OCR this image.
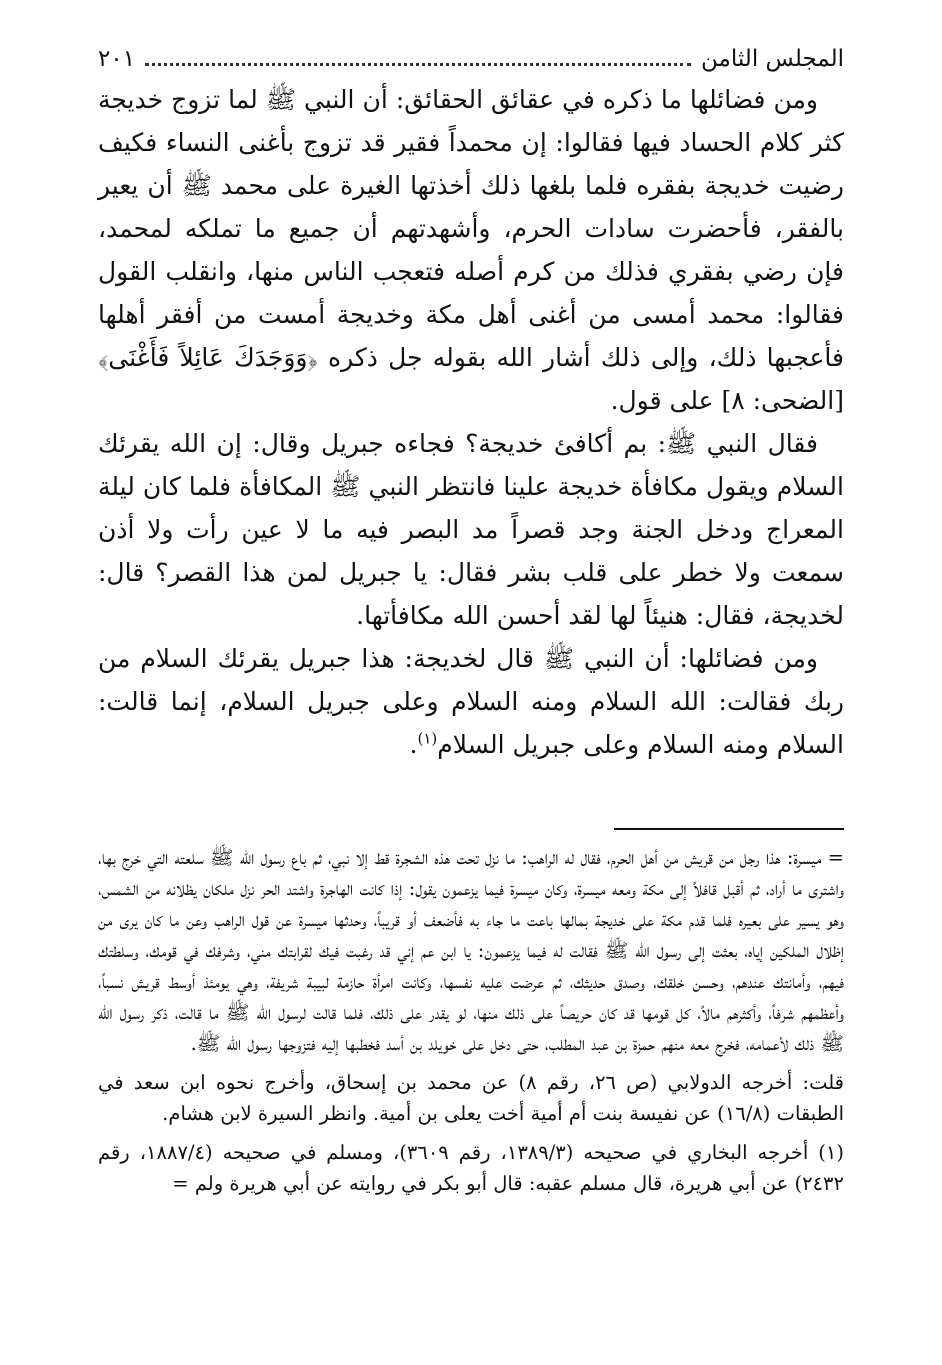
المجلس الثامن
٢٠١

ومن فضائلها ما ذكره في عقائق الحقائق: أن النبي ﷺ لما تزوج خديجة كثر كلام الحساد فيها فقالوا: إن محمداً فقير قد تزوج بأغنى النساء فكيف رضيت خديجة بفقره فلما بلغها ذلك أخذتها الغيرة على محمد ﷺ أن يعير بالفقر، فأحضرت سادات الحرم، وأشهدتهم أن جميع ما تملكه لمحمد، فإن رضي بفقري فذلك من كرم أصله فتعجب الناس منها، وانقلب القول فقالوا: محمد أمسى من أغنى أهل مكة وخديجة أمست من أفقر أهلها فأعجبها ذلك، وإلى ذلك أشار الله بقوله جل ذكره ﴿وَوَجَدَكَ عَائِلاً فَأَغْنَى﴾ [الضحى: ٨] على قول.

فقال النبي ﷺ: بم أكافئ خديجة؟ فجاءه جبريل وقال: إن الله يقرئك السلام ويقول مكافأة خديجة علينا فانتظر النبي ﷺ المكافأة فلما كان ليلة المعراج ودخل الجنة وجد قصراً مد البصر فيه ما لا عين رأت ولا أذن سمعت ولا خطر على قلب بشر فقال: يا جبريل لمن هذا القصر؟ قال: لخديجة، فقال: هنيئاً لها لقد أحسن الله مكافأتها.

ومن فضائلها: أن النبي ﷺ قال لخديجة: هذا جبريل يقرئك السلام من ربك فقالت: الله السلام ومنه السلام وعلى جبريل السلام، إنما قالت: السلام ومنه السلام وعلى جبريل السلام$^{(١)}$.

= ميسرة: هذا رجل من قريش من أهل الحرم، فقال له الراهب: ما نزل تحت هذه الشجرة قط إلا نبي، ثم باع رسول الله ﷺ سلعته التي خرج بها، واشترى ما أراد، ثم أقبل قافلاً إلى مكة ومعه ميسرة، وكان ميسرة فيما يزعمون يقول: إذا كانت الهاجرة واشتد الحر نزل ملكان يظلانه من الشمس، وهو يسير على بعيره فلما قدم مكة على خديجة بمالها باعت ما جاء به فأضعف أو قريباً، وحدثها ميسرة عن قول الراهب وعن ما كان يرى من إظلال الملكين إياه، بعثت إلى رسول الله ﷺ فقالت له فيما يزعمون: يا ابن عم إني قد رغبت فيك لقرابتك مني، وشرفك في قومك، وسلطتك فيهم، وأمانتك عندهم، وحسن خلقك، وصدق حديثك، ثم عرضت عليه نفسها، وكانت امرأة حازمة لبيبة شريفة، وهي يومئذ أوسط قريش نسباً، وأعظمهم شرفاً، وأكثرهم مالاً، كل قومها قد كان حريصاً على ذلك منها، لو يقدر على ذلك، فلما قالت لرسول الله ﷺ ما قالت، ذكر رسول الله ﷺ ذلك لأعمامه، فخرج معه منهم حمزة بن عبد المطلب، حتى دخل على خويلد بن أسد فخطبها إليه فتزوجها رسول الله ﷺ.

قلت: أخرجه الدولابي (ص ٢٦، رقم ٨) عن محمد بن إسحاق، وأخرج نحوه ابن سعد في الطبقات (١٦/٨) عن نفيسة بنت أم أمية أخت يعلى بن أمية. وانظر السيرة لابن هشام.

(١) أخرجه البخاري في صحيحه (١٣٨٩/٣، رقم ٣٦٠٩)، ومسلم في صحيحه (١٨٨٧/٤، رقم ٢٤٣٢) عن أبي هريرة، قال مسلم عقبه: قال أبو بكر في روايته عن أبي هريرة ولم =
